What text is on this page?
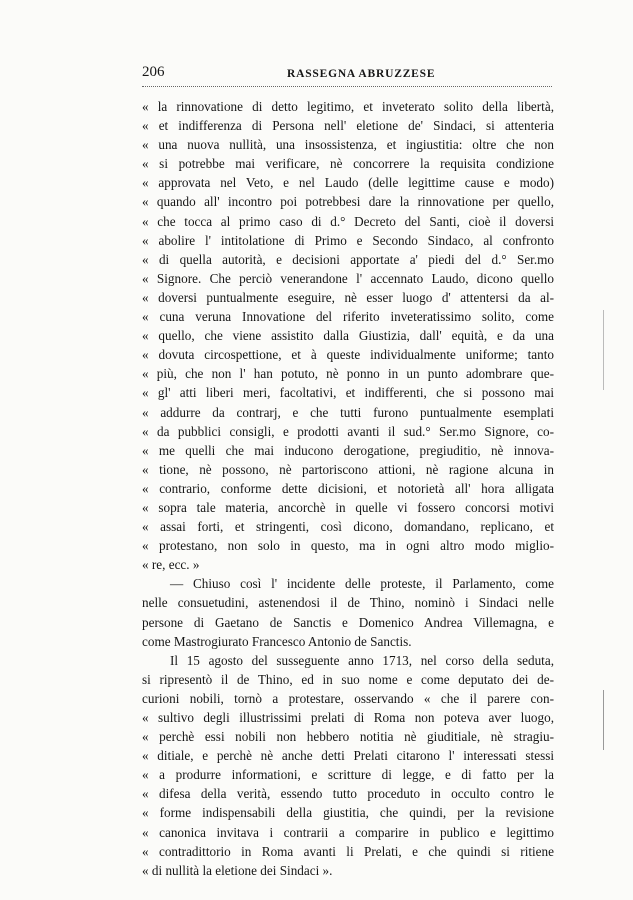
206	RASSEGNA ABRUZZESE
« la rinnovatione di detto legitimo, et inveterato solito della libertà,
« et indifferenza di Persona nell' eletione de' Sindaci, si attenteria
« una nuova nullità, una insossistenza, et ingiustitia: oltre che non
« si potrebbe mai verificare, nè concorrere la requisita condizione
« approvata nel Veto, e nel Laudo (delle legittime cause e modo)
« quando all' incontro poi potrebbesi dare la rinnovatione per quello,
« che tocca al primo caso di d.° Decreto del Santi, cioè il doversi
« abolire l' intitolatione di Primo e Secondo Sindaco, al confronto
« di quella autorità, e decisioni apportate a' piedi del d.° Ser.mo
« Signore. Che perciò venerandone l' accennato Laudo, dicono quello
« doversi puntualmente eseguire, nè esser luogo d' attentersi da al-
« cuna veruna Innovatione del riferito inveteratissimo solito, come
« quello, che viene assistito dalla Giustizia, dall' equità, e da una
« dovuta circospettione, et à queste individualmente uniforme; tanto
« più, che non l' han potuto, nè ponno in un punto adombrare que-
« gl' atti liberi meri, facoltativi, et indifferenti, che si possono mai
« addurre da contrarj, e che tutti furono puntualmente esemplati
« da pubblici consigli, e prodotti avanti il sud.° Ser.mo Signore, co-
« me quelli che mai inducono derogatione, pregiuditio, nè innova-
« tione, nè possono, nè partoriscono attioni, nè ragione alcuna in
« contrario, conforme dette dicisioni, et notorietà all' hora alligata
« sopra tale materia, ancorchè in quelle vi fossero concorsi motivi
« assai forti, et stringenti, così dicono, domandano, replicano, et
« protestano, non solo in questo, ma in ogni altro modo miglio-
« re, ecc. »
— Chiuso così l' incidente delle proteste, il Parlamento, come
nelle consuetudini, astenendosi il de Thino, nominò i Sindaci nelle
persone di Gaetano de Sanctis e Domenico Andrea Villemagna, e
come Mastrogiurato Francesco Antonio de Sanctis.
Il 15 agosto del susseguente anno 1713, nel corso della seduta,
si ripresentò il de Thino, ed in suo nome e come deputato dei de-
curioni nobili, tornò a protestare, osservando « che il parere con-
« sultivo degli illustrissimi prelati di Roma non poteva aver luogo,
« perchè essi nobili non hebbero notitia nè giuditiale, nè stragiu-
« ditiale, e perchè nè anche detti Prelati citarono l' interessati stessi
« a produrre informationi, e scritture di legge, e di fatto per la
« difesa della verità, essendo tutto proceduto in occulto contro le
« forme indispensabili della giustitia, che quindi, per la revisione
« canonica invitava i contrarii a comparire in publico e legittimo
« contradittorio in Roma avanti li Prelati, e che quindi si ritiene
« di nullità la eletione dei Sindaci ».
